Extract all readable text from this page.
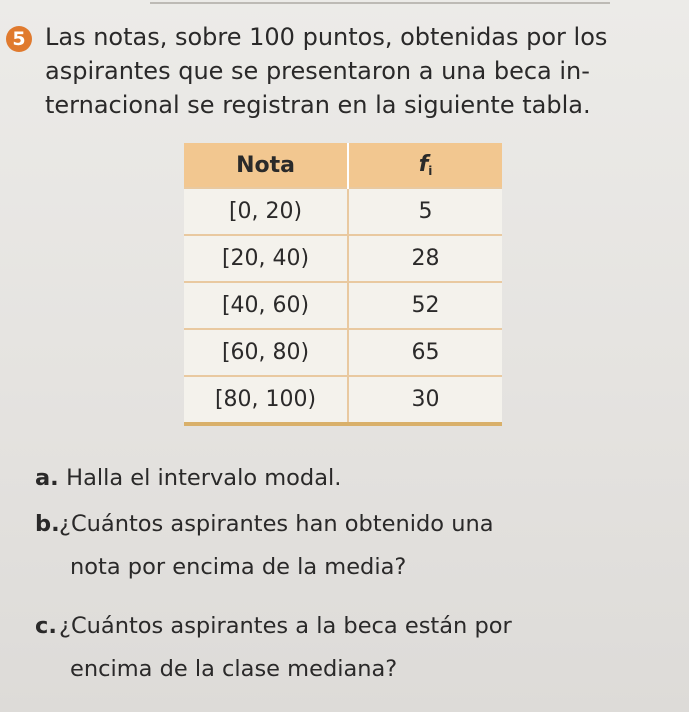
5 Las notas, sobre 100 puntos, obtenidas por los
aspirantes que se presentaron a una beca in-
ternacional se registran en la siguiente tabla.

Nota	fi
[0, 20)	5
[20, 40)	28
[40, 60)	52
[60, 80)	65
[80, 100)	30
a. Halla el intervalo modal.
b.¿Cuántos aspirantes han obtenido una
nota por encima de la media?
c.¿Cuántos aspirantes a la beca están por
encima de la clase mediana?
